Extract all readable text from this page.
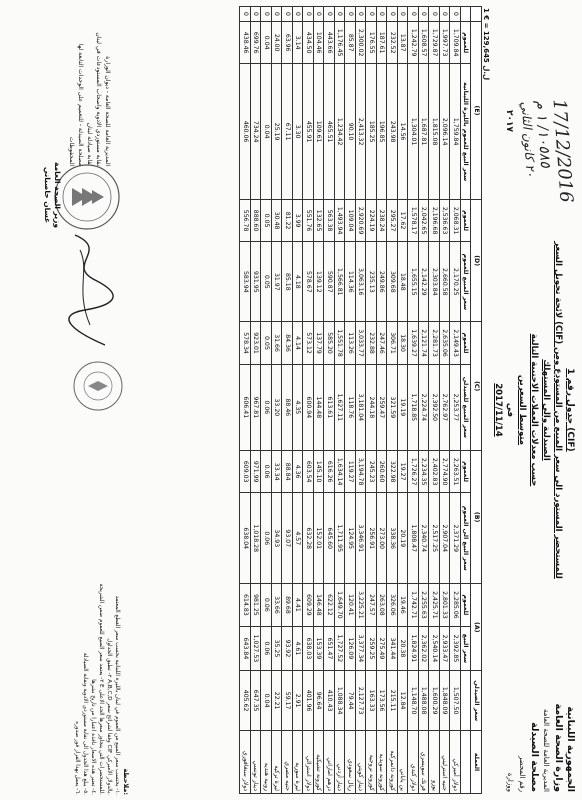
الجمهورية اللبنانية
وزارة الصحة العامة
المديرية العامة للصحة العامة
مصلحة الصيدلة
رقم المحضر
ووزارة
جدول رقم 1 (CIF)
لائحة تحويل السعر (CIF) للمستحضر المستورد الى سعر المبيع من المستودع ومن الصيدلية والى المستهلك
حسب معدلات العملات الاجنبية التالية
متوسط السعرين
في
2017/11/14
17/12/2016
١٠٥٨٥/ ١ م
٢٠ كانون الثاني
٢٠١٧
ل.ل 129,645 = € 1
	(E)		(D)		(C)		(B)		(A)		سعر الصيدلي	العملة
	للعموم	سعر البيع للعموم بالليرة اللبنانية	للعموم	سعر المبيع للعموم	للعموم	سعر المبيع للصيدلي	للعموم	سعر البيع الى العموم	للعموم	سعر البيع		
0	1,709.84	1,759.84	2,068.31	2,170.25	2,149.43	2,253.77	2,263.51	2,371.29	2,285.06	2,392.85	1,507.50	دولار أميركي
0	1,997.73	2,096.14	2,536.63	2,660.58	2,635.06	2,762.97	2,774.90	2,907.04	2,801.33	2,933.47	1,848.09	جنيه استرليني
0	1,729.87	1,815.08	2,196.68	2,303.84	2,281.73	2,392.50	2,402.83	2,517.25	2,425.71	2,540.14	1,600.29	يورو
0	1,608.57	1,687.81	2,042.65	2,142.29	2,121.74	2,224.74	2,234.35	2,340.74	2,255.63	2,362.02	1,488.08	فرنك سويسري
0	1,242.79	1,304.01	1,578.17	1,655.15	1,639.27	1,718.85	1,726.27	1,808.47	1,742.71	1,824.91	1,148.70	دولار كندي
0	13.87	14.56	17.62	18.48	18.30	19.19	19.27	20.19	19.46	20.38	12.84	ين ياباني
0	232.52	243.98	295.27	309.68	306.71	321.59	322.98	338.36	326.06	341.44	215.11	كورونة دانمركية
0	187.61	196.85	238.24	249.86	247.46	259.47	260.60	273.00	263.08	275.49	173.56	كورونة سويدية
0	176.55	185.25	224.19	235.13	232.88	244.18	245.23	256.91	247.57	259.25	163.33	كورونة نروجية
0	2,300.02	2,413.32	2,920.69	3,063.16	3,033.77	3,181.04	3,194.78	3,346.91	3,225.21	3,377.34	2,127.73	دينار كويتي
0	85.87	90.10	109.04	114.36	113.26	118.76	119.27	124.95	120.41	126.09	79.44	ريال سعودي
0	1,176.45	1,234.42	1,493.94	1,566.81	1,551.78	1,627.11	1,634.14	1,711.95	1,649.70	1,727.52	1,088.34	دينار أردني
0	443.66	465.51	563.38	590.87	585.20	613.61	616.26	645.60	622.12	651.47	410.43	درهم اماراتي
0	104.46	109.61	132.65	139.12	137.79	144.48	145.10	152.01	146.48	153.39	96.64	كورونة تشيكية
0	434.50	455.91	551.76	578.67	573.12	600.94	603.54	632.28	609.29	638.03	401.96	دولار استرالي
0	3.14	3.30	3.99	4.18	4.14	4.35	4.36	4.57	4.41	4.61	2.91	ليرة سورية
0	63.96	67.11	81.22	85.18	84.36	88.46	88.84	93.07	89.68	93.92	59.17	جنيه مصري
0	24.00	25.19	30.48	31.97	31.66	33.20	33.34	34.93	33.66	35.25	22.21	ليرة تركية
0	0.04	0.04	0.05	0.05	0.05	0.06	0.06	0.06	0.06	0.06	0.04	روبية هندية
0	699.76	734.24	888.60	931.95	923.01	967.81	971.99	1,018.28	981.25	1,027.53	647.35	دينار تونسي
0	438.46	460.06	556.78	583.94	578.34	606.41	609.03	638.04	614.83	643.84	405.62	دولار سنغافوري
ملاحظة:
١- يحتسب سعر المبيع من العموم في لبنان بالليرة اللبنانية بحسب سعر القطع المعتمد.
٢- تطبق الجداول A,B,C,D وفقا لشرائح سعر CIF بالدولار الأميركي.
٣- يعتمد سعر المبيع للعموم ضمن الشريحة E للمستحضرات التي يتجاوز سعرها الحد الاعلى.
٤- تعتبر هذه الاسعار نافذة اعتبارا من تاريخ نشرها.
٥- يبلغ هذا الجدول الى نقابة مستوردي الادوية ونقابة الصيادلة.
٦- يعمل بهذا القرار فور صدوره.
المديرية العامة للصحة العامة - ديوان الوزارة
نقابة مستوردي الادوية واصحاب المستودعات في لبنان
نقابة صيادلة لبنان
مصلحة الصيدلة - للتعميم على الوحدات التابعة لها
المحفوظات
وزير الصحة العامة
غسان حاصباني
